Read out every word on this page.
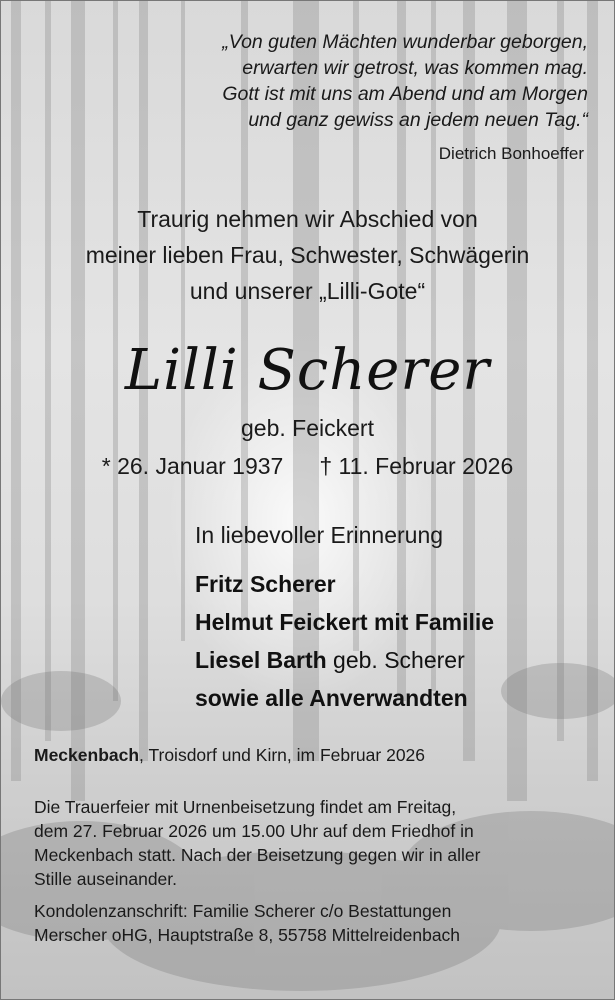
„Von guten Mächten wunderbar geborgen,
erwarten wir getrost, was kommen mag.
Gott ist mit uns am Abend und am Morgen
und ganz gewiss an jedem neuen Tag.“
Dietrich Bonhoeffer
Traurig nehmen wir Abschied von
meiner lieben Frau, Schwester, Schwägerin
und unserer „Lilli-Gote“
Lilli Scherer
geb. Feickert
* 26. Januar 1937 † 11. Februar 2026
In liebevoller Erinnerung
Fritz Scherer
Helmut Feickert mit Familie
Liesel Barth geb. Scherer
sowie alle Anverwandten
Meckenbach, Troisdorf und Kirn, im Februar 2026
Die Trauerfeier mit Urnenbeisetzung findet am Freitag,
dem 27. Februar 2026 um 15.00 Uhr auf dem Friedhof in
Meckenbach statt. Nach der Beisetzung gegen wir in aller
Stille auseinander.
Kondolenzanschrift: Familie Scherer c/o Bestattungen
Merscher oHG, Hauptstraße 8, 55758 Mittelreidenbach
